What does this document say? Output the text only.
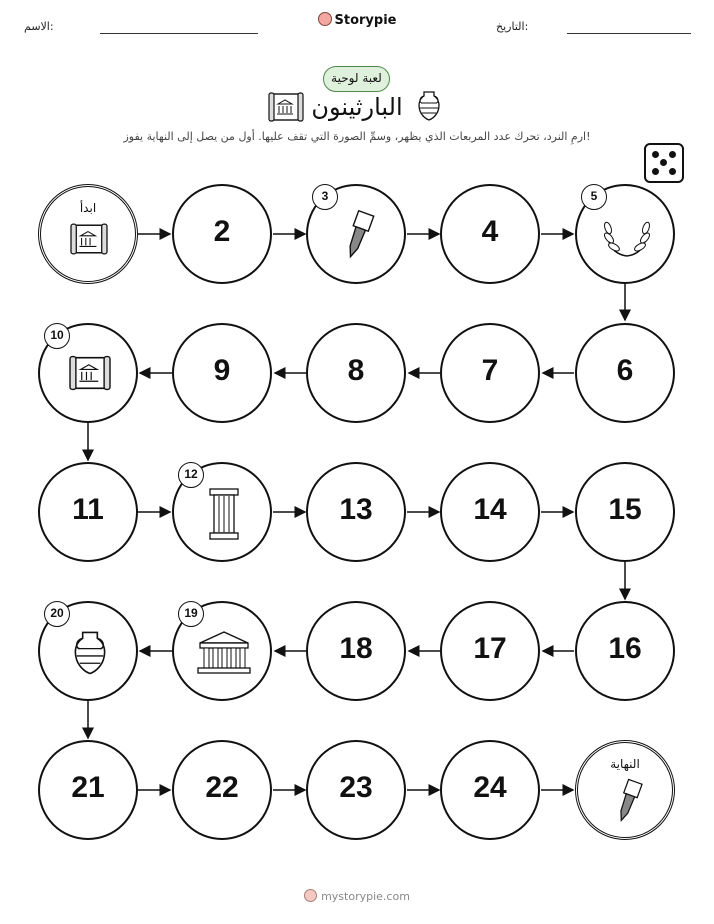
الاسم:	التاريخ:
Storypie
لعبة لوحية
البارثينون
ارمِ النرد، تحرك عدد المربعات الذي يظهر، وسمِّ الصورة التي تقف عليها. أول من يصل إلى النهاية يفوز!
ابدأ
2
3
4
5
10
9	8	7	6
11
12
13	14	15
20	19
18	17	16
21	22	23	24
النهاية
mystorypie.com
